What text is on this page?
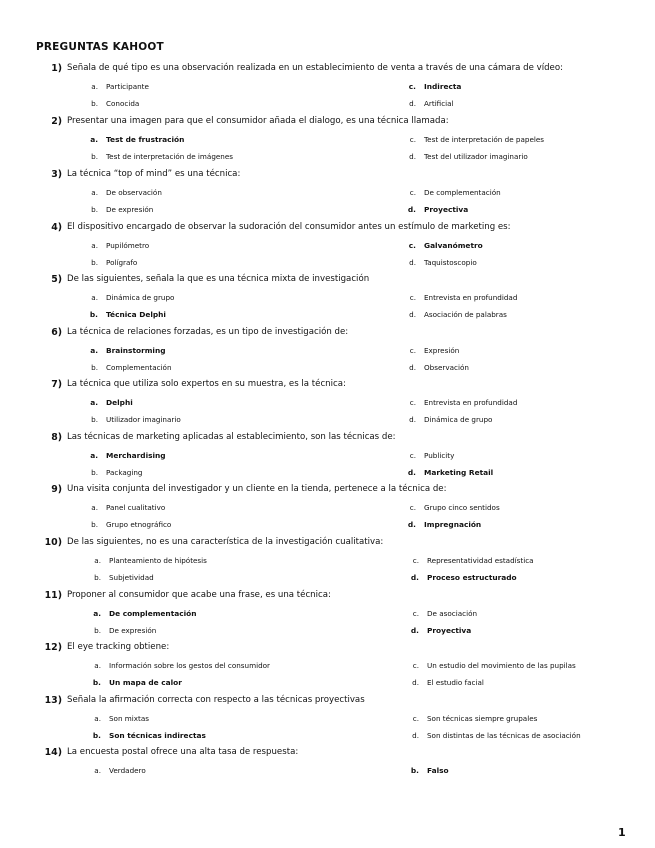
PREGUNTAS KAHOOT
1) Señala de qué tipo es una observación realizada en un establecimiento de venta a través de una cámara de vídeo:
a. Participante
b. Conocida
c. Indirecta
d. Artificial
2) Presentar una imagen para que el consumidor añada el dialogo, es una técnica llamada:
a. Test de frustración
b. Test de interpretación de imágenes
c. Test de interpretación de papeles
d. Test del utilizador imaginario
3) La técnica “top of mind” es una técnica:
a. De observación
b. De expresión
c. De complementación
d. Proyectiva
4) El dispositivo encargado de observar la sudoración del consumidor antes un estímulo de marketing es:
a. Pupilómetro
b. Polígrafo
c. Galvanómetro
d. Taquistoscopio
5) De las siguientes, señala la que es una técnica mixta de investigación
a. Dinámica de grupo
b. Técnica Delphi
c. Entrevista en profundidad
d. Asociación de palabras
6) La técnica de relaciones forzadas, es un tipo de investigación de:
a. Brainstorming
b. Complementación
c. Expresión
d. Observación
7) La técnica que utiliza solo expertos en su muestra, es la técnica:
a. Delphi
b. Utilizador imaginario
c. Entrevista en profundidad
d. Dinámica de grupo
8) Las técnicas de marketing aplicadas al establecimiento, son las técnicas de:
a. Merchardising
b. Packaging
c. Publicity
d. Marketing Retail
9) Una visita conjunta del investigador y un cliente en la tienda, pertenece a la técnica de:
a. Panel cualitativo
b. Grupo etnográfico
c. Grupo cinco sentidos
d. Impregnación
10) De las siguientes, no es una característica de la investigación cualitativa:
a. Planteamiento de hipótesis
b. Subjetividad
c. Representatividad estadística
d. Proceso estructurado
11) Proponer al consumidor que acabe una frase, es una técnica:
a. De complementación
b. De expresión
c. De asociación
d. Proyectiva
12) El eye tracking obtiene:
a. Información sobre los gestos del consumidor
b. Un mapa de calor
c. Un estudio del movimiento de las pupilas
d. El estudio facial
13) Señala la afirmación correcta con respecto a las técnicas proyectivas
a. Son mixtas
b. Son técnicas indirectas
c. Son técnicas siempre grupales
d. Son distintas de las técnicas de asociación
14) La encuesta postal ofrece una alta tasa de respuesta:
a. Verdadero	b. Falso
1
